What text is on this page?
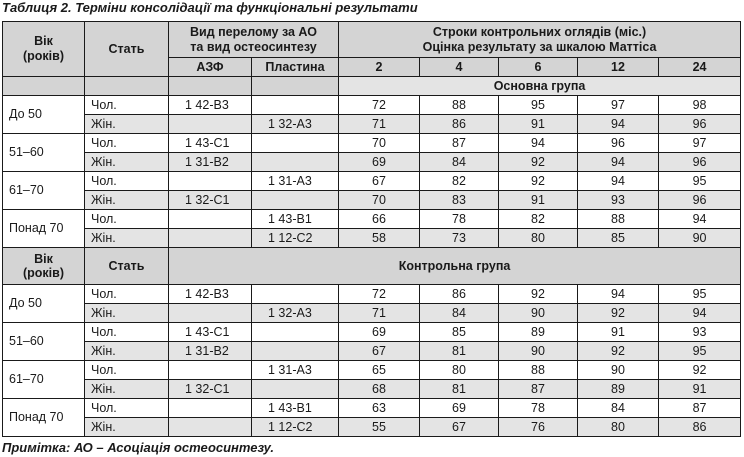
Таблиця 2. Терміни консолідації та функціональні результати
Вік
(років)	Стать	Вид перелому за АО
та вид остеосинтезу		Строки контрольних оглядів (міс.)
Оцінка результату за шкалою Маттіса				
		АЗФ	Пластина	2	4	6	12	24
				Основна група				
До 50	Чол.	1 42-В3		72	88	95	97	98
	Жін.		1 32-А3	71	86	91	94	96
51–60	Чол.	1 43-С1		70	87	94	96	97
	Жін.	1 31-В2		69	84	92	94	96
61–70	Чол.		1 31-А3	67	82	92	94	95
	Жін.	1 32-С1		70	83	91	93	96
Понад 70	Чол.		1 43-В1	66	78	82	88	94
	Жін.		1 12-С2	58	73	80	85	90
Вік
(років)	Стать	Контрольна група						

До 50	Чол.	1 42-В3		72	86	92	94	95
	Жін.		1 32-А3	71	84	90	92	94
51–60	Чол.	1 43-С1		69	85	89	91	93
	Жін.	1 31-В2		67	81	90	92	95
61–70	Чол.		1 31-А3	65	80	88	90	92
	Жін.	1 32-С1		68	81	87	89	91
Понад 70	Чол.		1 43-В1	63	69	78	84	87
	Жін.		1 12-С2	55	67	76	80	86
Примітка: АО – Асоціація остеосинтезу.
